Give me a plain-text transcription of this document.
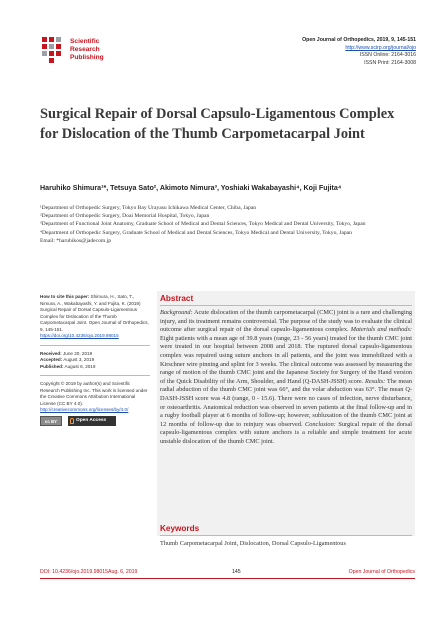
Scientific
Research
Publishing
Open Journal of Orthopedics, 2019, 9, 145-151
http://www.scirp.org/journal/ojo
ISSN Online: 2164-3016
ISSN Print: 2164-3008
Surgical Repair of Dorsal Capsulo-Ligamentous Complex for Dislocation of the Thumb Carpometacarpal Joint
Haruhiko Shimura¹*, Tetsuya Sato², Akimoto Nimura³, Yoshiaki Wakabayashi⁴, Koji Fujita⁴

¹Department of Orthopedic Surgery, Tokyo Bay Urayasu Ichikawa Medical Center, Chiba, Japan

²Department of Orthopedic Surgery, Doai Memorial Hospital, Tokyo, Japan

³Department of Functional Joint Anatomy, Graduate School of Medical and Dental Sciences, Tokyo Medical and Dental University, Tokyo, Japan

⁴Department of Orthopedic Surgery, Graduate School of Medical and Dental Sciences, Tokyo Medical and Dental University, Tokyo, Japan

Email: *haruhikos@jadecom.jp

How to cite this paper: Shimura, H., Sato, T., Nimura, A., Wakabayashi, Y. and Fujita, K. (2019) Surgical Repair of Dorsal Capsulo-Ligamentous Complex for Dislocation of the Thumb Carpometacarpal Joint. Open Journal of Orthopedics, 9, 145-151.
https://doi.org/10.4236/ojo.2019.98015
Received: June 20, 2019
Accepted: August 3, 2019
Published: August 6, 2019
Copyright © 2019 by author(s) and Scientific Research Publishing Inc. This work is licensed under the Creative Commons Attribution International License (CC BY 4.0).
http://creativecommons.org/licenses/by/4.0/
cc BY	Open Access
Abstract
Background: Acute dislocation of the thumb carpometacarpal (CMC) joint is a rare and challenging injury, and its treatment remains controversial. The purpose of the study was to evaluate the clinical outcome after surgical repair of the dorsal capsulo-ligamentous complex. Materials and methods: Eight patients with a mean age of 39.8 years (range, 23 - 56 years) treated for the thumb CMC joint were treated in our hospital between 2008 and 2018. The ruptured dorsal capsulo-ligamentous complex was repaired using suture anchors in all patients, and the joint was immobilized with a Kirschner wire pinning and splint for 3 weeks. The clinical outcome was assessed by measuring the range of motion of the thumb CMC joint and the Japanese Society for Surgery of the Hand version of the Quick Disability of the Arm, Shoulder, and Hand (Q-DASH-JSSH) score. Results: The mean radial abduction of the thumb CMC joint was 66°, and the volar abduction was 63°. The mean Q-DASH-JSSH score was 4.8 (range, 0 - 15.6). There were no cases of infection, nerve disturbance, or osteoarthritis. Anatomical reduction was observed in seven patients at the final follow-up and in a rugby football player at 6 months of follow-up; however, subluxation of the thumb CMC joint at 12 months of follow-up due to reinjury was observed. Conclusion: Surgical repair of the dorsal capsulo-ligamentous complex with suture anchors is a reliable and simple treatment for acute unstable dislocation of the thumb CMC joint.
Keywords
Thumb Carpometacarpal Joint, Dislocation, Dorsal Capsulo-Ligamentous
DOI: 10.4236/ojo.2019.98015 Aug. 6, 2019	145	Open Journal of Orthopedics
